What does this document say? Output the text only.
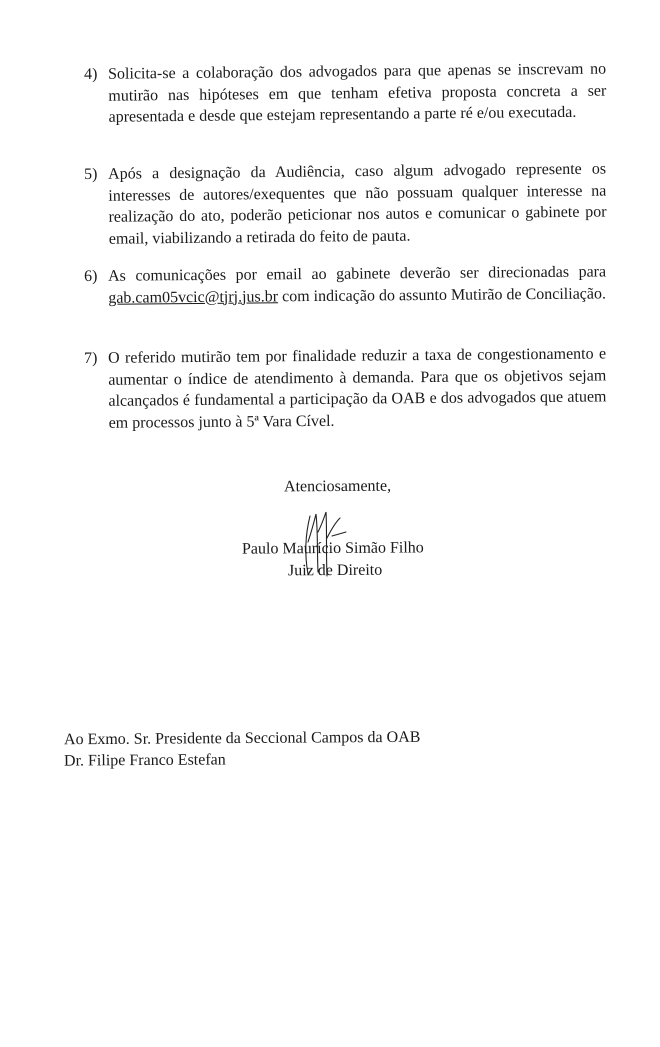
4) Solicita-se a colaboração dos advogados para que apenas se inscrevam no mutirão nas hipóteses em que tenham efetiva proposta concreta a ser apresentada e desde que estejam representando a parte ré e/ou executada.
5) Após a designação da Audiência, caso algum advogado represente os interesses de autores/exequentes que não possuam qualquer interesse na realização do ato, poderão peticionar nos autos e comunicar o gabinete por email, viabilizando a retirada do feito de pauta.
6) As comunicações por email ao gabinete deverão ser direcionadas para gab.cam05vcic@tjrj.jus.br com indicação do assunto Mutirão de Conciliação.
7) O referido mutirão tem por finalidade reduzir a taxa de congestionamento e aumentar o índice de atendimento à demanda. Para que os objetivos sejam alcançados é fundamental a participação da OAB e dos advogados que atuem em processos junto à 5ª Vara Cível.
Atenciosamente,
Paulo Maurício Simão Filho
Juiz de Direito
Ao Exmo. Sr. Presidente da Seccional Campos da OAB
Dr. Filipe Franco Estefan
